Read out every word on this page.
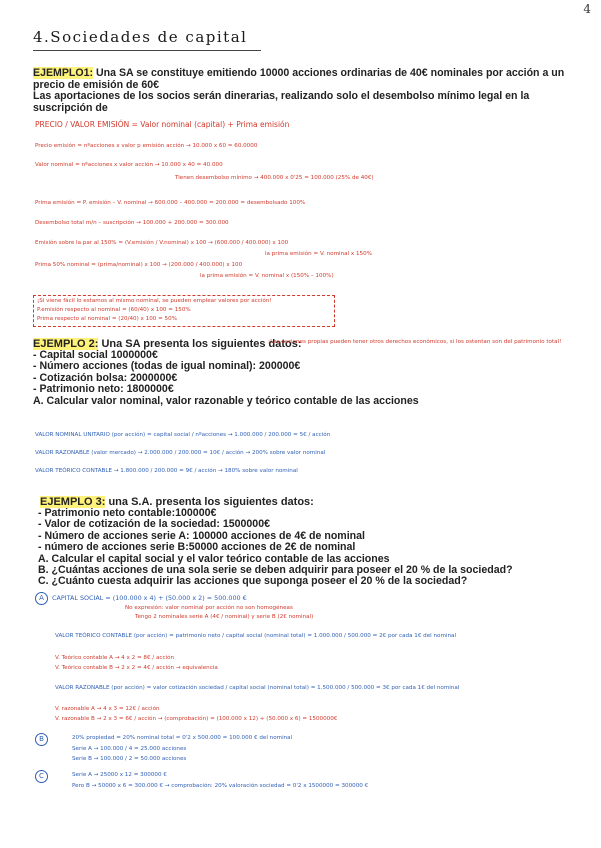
4
4.Sociedades de capital
EJEMPLO1: Una SA se constituye emitiendo 10000 acciones ordinarias de 40€ nominales por acción a un precio de emisión de 60€
Las aportaciones de los socios serán dinerarias, realizando solo el desembolso mínimo legal en la suscripción de
PRECIO / VALOR EMISIÓN = Valor nominal (capital) + Prima emisión
Precio emisión = nºacciones x valor p emisión acción → 10.000 x 60 = 60.0000
Valor nominal = nºacciones x valor acción → 10.000 x 40 = 40.000
Tienen desembolso mínimo → 400.000 x 0'25 = 100.000 (25% de 40€)
Prima emisión = P. emisión – V. nominal → 600.000 – 400.000 = 200.000 = desembolsado 100%
Desembolso total m/n – suscripción → 100.000 + 200.000 = 300.000
Emisión sobre la par al 150% = (V.emisión / V.nominal) x 100 → (600.000 / 400.000) x 100
la prima emisión = V. nominal x 150%
Prima 50% nominal = (prima/nominal) x 100 → (200.000 / 400.000) x 100
la prima emisión = V. nominal x (150% – 100%)
¡Si viene fácil lo estamos al mismo nominal, se pueden emplear valores por acción!
P.emisión respecto al nominal = (60/40) x 100 = 150%
Prima respecto al nominal = (20/40) x 100 = 50%
EJEMPLO 2: Una SA presenta los siguientes datos:
¡Las acciones propias pueden tener otros derechos económicos, si los ostentan son del patrimonio total!
- Capital social 1000000€
- Número acciones (todas de igual nominal): 200000€
- Cotización bolsa: 2000000€
- Patrimonio neto: 1800000€
A. Calcular valor nominal, valor razonable y teórico contable de las acciones
VALOR NOMINAL UNITARIO (por acción) = capital social / nºacciones → 1.000.000 / 200.000 = 5€ / acción
VALOR RAZONABLE (valor mercado) → 2.000.000 / 200.000 = 10€ / acción → 200% sobre valor nominal
VALOR TEÓRICO CONTABLE → 1.800.000 / 200.000 = 9€ / acción → 180% sobre valor nominal
EJEMPLO 3: una S.A. presenta los siguientes datos:
- Patrimonio neto contable:100000€
- Valor de cotización de la sociedad: 1500000€
- Número de acciones serie A: 100000 acciones de 4€ de nominal
- número de acciones serie B:50000 acciones de 2€ de nominal
A. Calcular el capital social y el valor teórico contable de las acciones
B. ¿Cuántas acciones de una sola serie se deben adquirir para poseer el 20 % de la sociedad?
C. ¿Cuánto cuesta adquirir las acciones que suponga poseer el 20 % de la sociedad?
A	CAPITAL SOCIAL = (100.000 x 4) + (50.000 x 2) = 500.000 €
No expresión: valor nominal por acción no son homogéneas
Tengo 2 nominales serie A (4€ / nominal) y serie B (2€ nominal)
VALOR TEÓRICO CONTABLE (por acción) = patrimonio neto / capital social (nominal total) = 1.000.000 / 500.000 = 2€ por cada 1€ del nominal
V. Teórico contable A → 4 x 2 = 8€ / acción
V. Teórico contable B → 2 x 2 = 4€ / acción → equivalencia
VALOR RAZONABLE (por acción) = valor cotización sociedad / capital social (nominal total) = 1.500.000 / 500.000 = 3€ por cada 1€ del nominal
V. razonable A → 4 x 3 = 12€ / acción
V. razonable B → 2 x 3 = 6€ / acción → (comprobación) = (100.000 x 12) + (50.000 x 6) = 1500000€
B	20% propiedad = 20% nominal total = 0'2 x 500.000 = 100.000 € del nominal
Serie A → 100.000 / 4 = 25.000 acciones
Serie B → 100.000 / 2 = 50.000 acciones
C	Serie A → 25000 x 12 = 300000 €
Pero B → 50000 x 6 = 300.000 € → comprobación: 20% valoración sociedad = 0'2 x 1500000 = 300000 €
